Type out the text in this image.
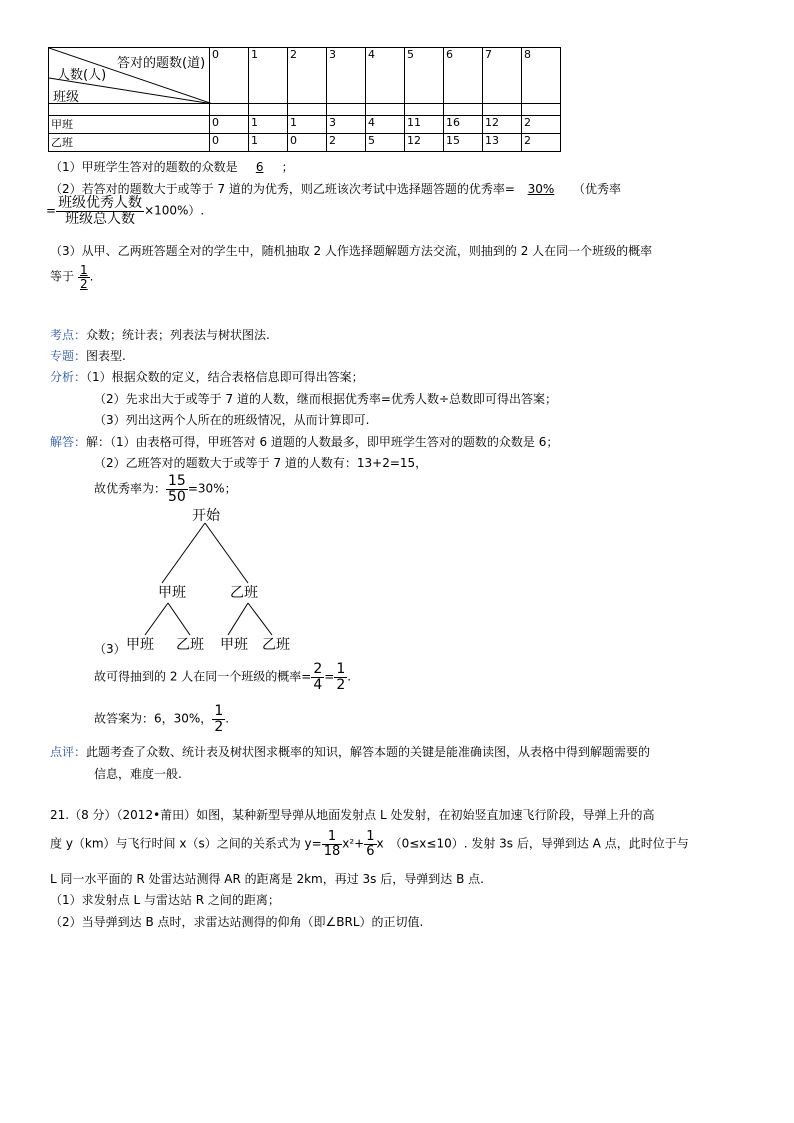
答对的题数(道)
人数(人)
班级	0	1	2	3	4	5	6	7	8

甲班	0	1	1	3	4	11	16	12	2
乙班	0	1	0	2	5	12	15	13	2
（1）甲班学生答对的题数的众数是 6 ；
（2）若答对的题数大于或等于 7 道的为优秀，则乙班该次考试中选择题答题的优秀率= 30% （优秀率
= $\frac{\text{班级优秀人数}}{\text{班级总人数}} \times 100\%$）.
（3）从甲、乙两班答题全对的学生中，随机抽取 2 人作选择题解题方法交流，则抽到的 2 人在同一个班级的概率
等于 $\frac{1}{2}$ .
考点：众数；统计表；列表法与树状图法.
专题：图表型.
分析：（1）根据众数的定义，结合表格信息即可得出答案；
（2）先求出大于或等于 7 道的人数，继而根据优秀率=优秀人数÷总数即可得出答案；
（3）列出这两个人所在的班级情况，从而计算即可.
解答：解：（1）由表格可得，甲班答对 6 道题的人数最多，即甲班学生答对的题数的众数是 6；
（2）乙班答对的题数大于或等于 7 道的人数有：13+2=15，
故优秀率为： $\frac{15}{50} =30\%$；
开始
甲班	乙班
甲班 乙班 甲班 乙班
（3）
故可得抽到的 2 人在同一个班级的概率= $\frac{2}{4} = \frac{1}{2}$ .
故答案为：6，30%， $\frac{1}{2}$ .
点评：此题考查了众数、统计表及树状图求概率的知识，解答本题的关键是能准确读图，从表格中得到解题需要的
信息，难度一般.
21.（8 分）（2012•莆田）如图，某种新型导弹从地面发射点 L 处发射，在初始竖直加速飞行阶段，导弹上升的高
度 y（km）与飞行时间 x（s）之间的关系式为 $y= \frac{1}{18} x^2+ \frac{1}{6}$ x　（0≤x≤10）. 发射 3s 后，导弹到达 A 点，此时位于与
L 同一水平面的 R 处雷达站测得 AR 的距离是 2km，再过 3s 后，导弹到达 B 点.
（1）求发射点 L 与雷达站 R 之间的距离；
（2）当导弹到达 B 点时，求雷达站测得的仰角（即∠BRL）的正切值.
